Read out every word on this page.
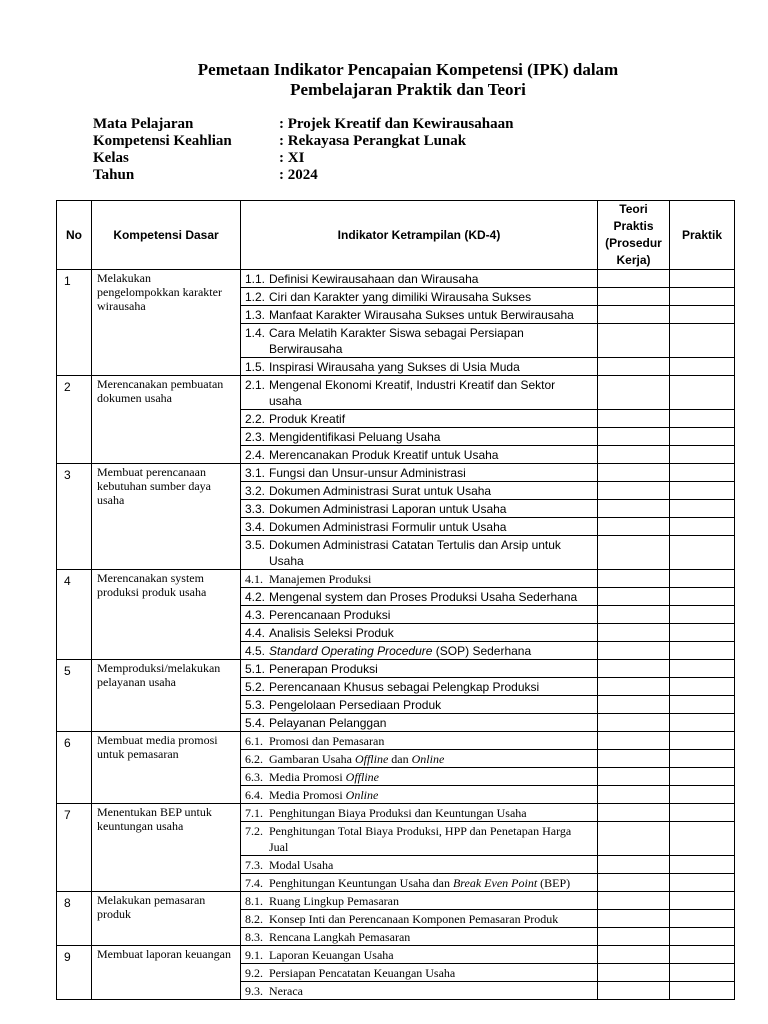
Pemetaan Indikator Pencapaian Kompetensi (IPK) dalam
Pembelajaran Praktik dan Teori
Mata Pelajaran	: Projek Kreatif dan Kewirausahaan
Kompetensi Keahlian	: Rekayasa Perangkat Lunak
Kelas	: XI
Tahun	: 2024
No	Kompetensi Dasar	Indikator Ketrampilan (KD-4)	Teori Praktis (Prosedur Kerja)	Praktik
1	Melakukan pengelompokkan karakter wirausaha	1.1. Definisi Kewirausahaan dan Wirausaha		
		1.2. Ciri dan Karakter yang dimiliki Wirausaha Sukses		
		1.3. Manfaat Karakter Wirausaha Sukses untuk Berwirausaha		
		1.4. Cara Melatih Karakter Siswa sebagai Persiapan Berwirausaha		
		1.5. Inspirasi Wirausaha yang Sukses di Usia Muda		
2	Merencanakan pembuatan dokumen usaha	2.1. Mengenal Ekonomi Kreatif, Industri Kreatif dan Sektor usaha		
		2.2. Produk Kreatif		
		2.3. Mengidentifikasi Peluang Usaha		
		2.4. Merencanakan Produk Kreatif untuk Usaha		
3	Membuat perencanaan kebutuhan sumber daya usaha	3.1. Fungsi dan Unsur-unsur Administrasi		
		3.2. Dokumen Administrasi Surat untuk Usaha		
		3.3. Dokumen Administrasi Laporan untuk Usaha		
		3.4. Dokumen Administrasi Formulir untuk Usaha		
		3.5. Dokumen Administrasi Catatan Tertulis dan Arsip untuk Usaha		
4	Merencanakan system produksi produk usaha	4.1. Manajemen Produksi		
		4.2. Mengenal system dan Proses Produksi Usaha Sederhana		
		4.3. Perencanaan Produksi		
		4.4. Analisis Seleksi Produk		
		4.5. Standard Operating Procedure (SOP) Sederhana		
5	Memproduksi/melakukan pelayanan usaha	5.1. Penerapan Produksi		
		5.2. Perencanaan Khusus sebagai Pelengkap Produksi		
		5.3. Pengelolaan Persediaan Produk		
		5.4. Pelayanan Pelanggan		
6	Membuat media promosi untuk pemasaran	6.1. Promosi dan Pemasaran		
		6.2. Gambaran Usaha Offline dan Online		
		6.3. Media Promosi Offline		
		6.4. Media Promosi Online		
7	Menentukan BEP untuk keuntungan usaha	7.1. Penghitungan Biaya Produksi dan Keuntungan Usaha		
		7.2. Penghitungan Total Biaya Produksi, HPP dan Penetapan Harga Jual		
		7.3. Modal Usaha		
		7.4. Penghitungan Keuntungan Usaha dan Break Even Point (BEP)		
8	Melakukan pemasaran produk	8.1. Ruang Lingkup Pemasaran		
		8.2. Konsep Inti dan Perencanaan Komponen Pemasaran Produk		
		8.3. Rencana Langkah Pemasaran		
9	Membuat laporan keuangan	9.1. Laporan Keuangan Usaha		
		9.2. Persiapan Pencatatan Keuangan Usaha		
		9.3. Neraca		
